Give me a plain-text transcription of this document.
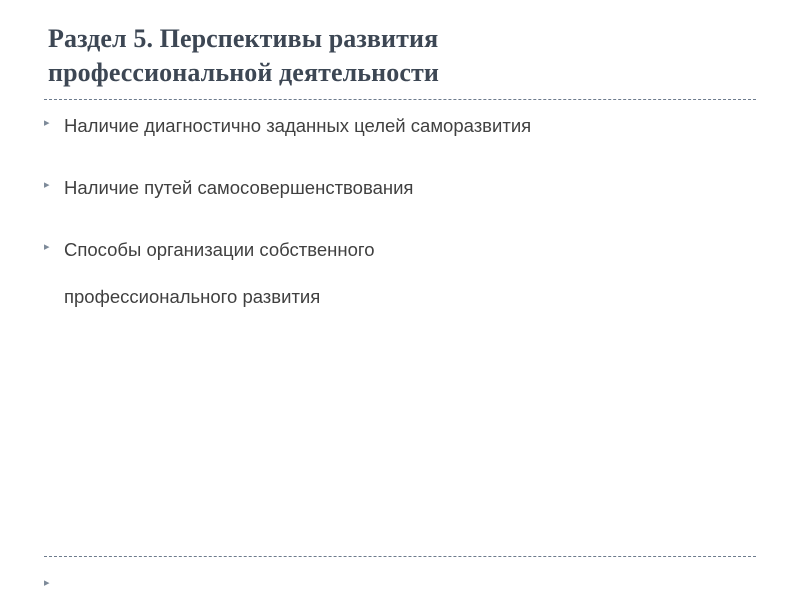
Раздел 5. Перспективы развития профессиональной деятельности
▸ Наличие диагностично заданных целей саморазвития
▸ Наличие путей самосовершенствования
▸ Способы организации собственного
профессионального развития
▸
